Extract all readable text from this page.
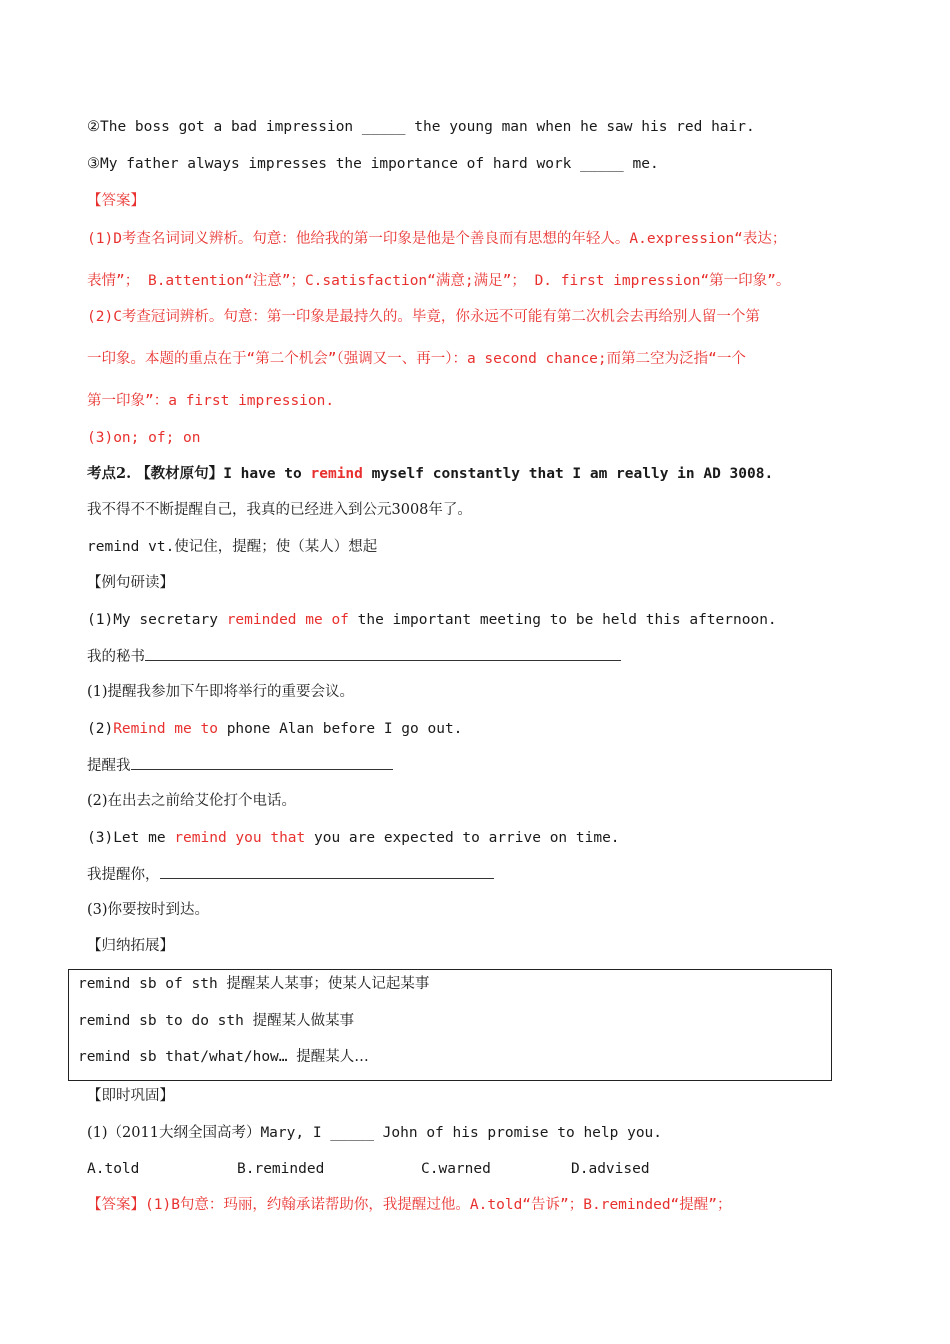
②The boss got a bad impression _____ the young man when he saw his red hair.
③My father always impresses the importance of hard work _____ me.
【答案】
(1)D考查名词词义辨析。句意：他给我的第一印象是他是个善良而有思想的年轻人。A.expression“表达；
表情”； B.attention“注意”；C.satisfaction“满意;满足”； D. first impression“第一印象”。
(2)C考查冠词辨析。句意：第一印象是最持久的。毕竟，你永远不可能有第二次机会去再给别人留一个第
一印象。本题的重点在于“第二个机会”（强调又一、再一）：a second chance;而第二空为泛指“一个
第一印象”：a first impression.
(3)on; of; on
考点2. 【教材原句】I have to remind myself constantly that I am really in AD 3008.
我不得不不断提醒自己，我真的已经进入到公元3008年了。
remind vt.使记住，提醒；使（某人）想起
【例句研读】
(1)My secretary reminded me of the important meeting to be held this afternoon.
我的秘书
(1)提醒我参加下午即将举行的重要会议。
(2)Remind me to phone Alan before I go out.
提醒我
(2)在出去之前给艾伦打个电话。
(3)Let me remind you that you are expected to arrive on time.
我提醒你，
(3)你要按时到达。
【归纳拓展】
remind sb of sth 提醒某人某事；使某人记起某事
remind sb to do sth 提醒某人做某事
remind sb that/what/how… 提醒某人…
【即时巩固】
(1)（2011大纲全国高考）Mary, I _____ John of his promise to help you.
A.told	B.reminded	C.warned	D.advised
【答案】(1)B句意：玛丽，约翰承诺帮助你，我提醒过他。A.told“告诉”；B.reminded“提醒”；
